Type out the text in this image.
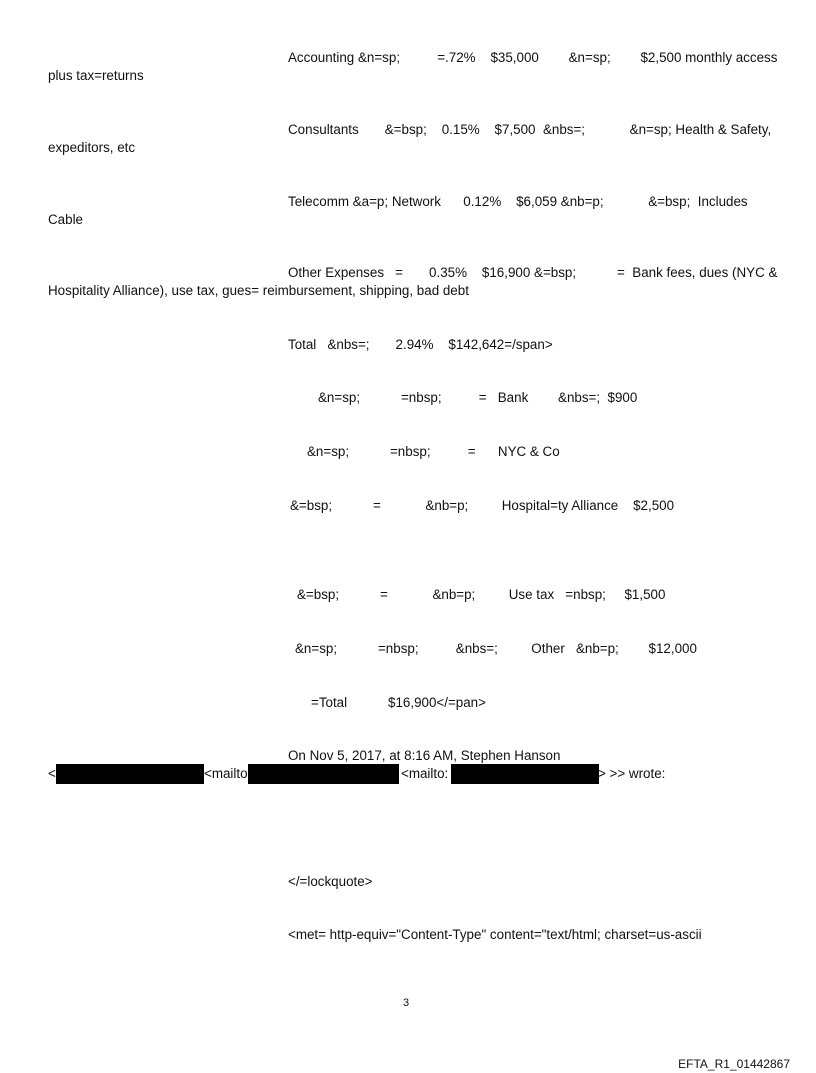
Accounting &n=sp;          =.72%    $35,000        &n=sp;        $2,500 monthly access
plus tax=returns
Consultants       &=bsp;    0.15%    $7,500  &nbs=;            &n=sp; Health & Safety,
expeditors, etc
Telecomm &a=p; Network      0.12%    $6,059 &nb=p;            &=bsp;  Includes
Cable
Other Expenses   =       0.35%    $16,900 &=bsp;           =  Bank fees, dues (NYC &
Hospitality Alliance), use tax, gues= reimbursement, shipping, bad debt
Total   &nbs=;       2.94%    $142,642=/span>
&n=sp;           =nbsp;          =   Bank        &nbs=;  $900
&n=sp;           =nbsp;          =      NYC & Co
&=bsp;           =            &nb=p;         Hospital=ty Alliance    $2,500
&=bsp;           =            &nb=p;         Use tax   =nbsp;     $1,500
&n=sp;           =nbsp;          &nbs=;         Other   &nb=p;        $12,000
=Total           $16,900</=pan>
On Nov 5, 2017, at 8:16 AM, Stephen Hanson
<	<mailto	<mailto:	> >> wrote:
</=lockquote>
<met= http-equiv="Content-Type" content="text/html; charset=us-ascii
3
EFTA_R1_01442867
